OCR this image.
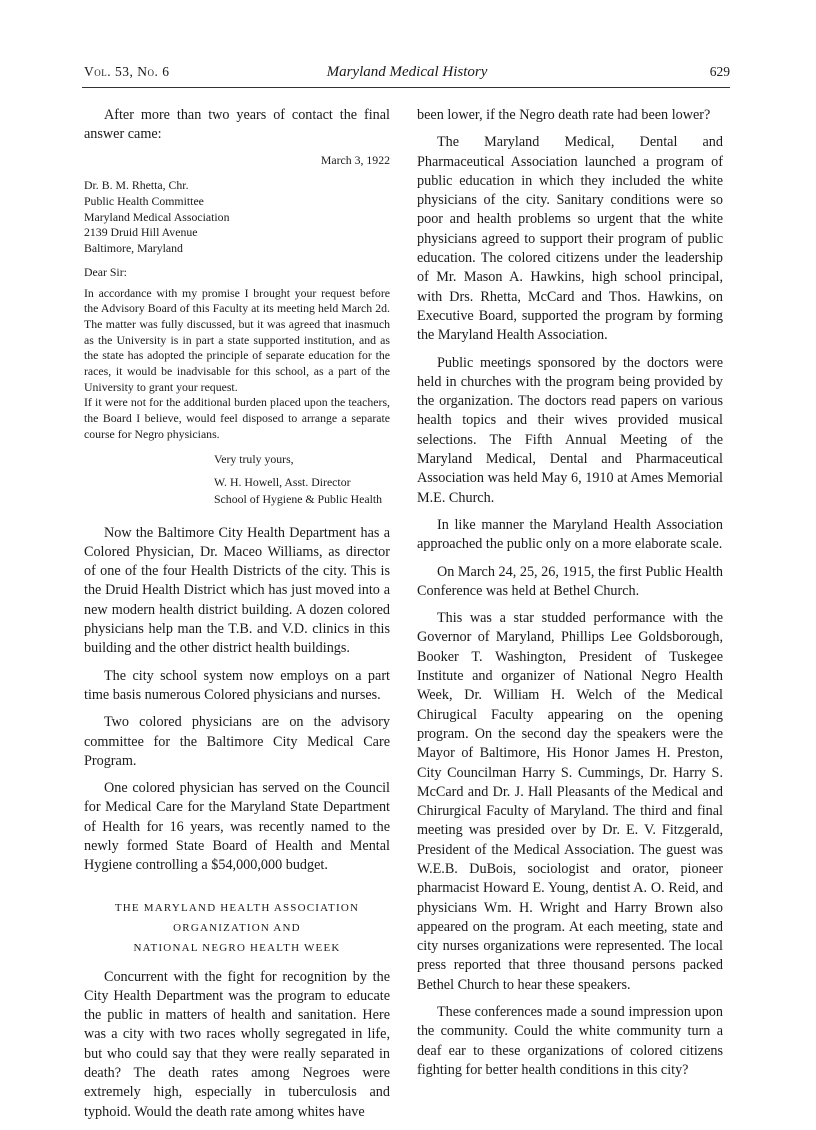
Vol. 53, No. 6	Maryland Medical History	629

After more than two years of contact the final answer came:

March 3, 1922
Dr. B. M. Rhetta, Chr.
Public Health Committee
Maryland Medical Association
2139 Druid Hill Avenue
Baltimore, Maryland
Dear Sir:
In accordance with my promise I brought your request before the Advisory Board of this Faculty at its meeting held March 2d. The matter was fully discussed, but it was agreed that inasmuch as the University is in part a state supported institution, and as the state has adopted the principle of separate education for the races, it would be inadvisable for this school, as a part of the University to grant your request.
If it were not for the additional burden placed upon the teachers, the Board I believe, would feel disposed to arrange a separate course for Negro physicians.
Very truly yours,
W. H. Howell, Asst. Director
School of Hygiene & Public Health

Now the Baltimore City Health Department has a Colored Physician, Dr. Maceo Williams, as director of one of the four Health Districts of the city. This is the Druid Health District which has just moved into a new modern health district building. A dozen colored physicians help man the T.B. and V.D. clinics in this building and the other district health buildings.

The city school system now employs on a part time basis numerous Colored physicians and nurses.

Two colored physicians are on the advisory committee for the Baltimore City Medical Care Program.

One colored physician has served on the Council for Medical Care for the Maryland State Department of Health for 16 years, was recently named to the newly formed State Board of Health and Mental Hygiene controlling a $54,000,000 budget.

THE MARYLAND HEALTH ASSOCIATION
ORGANIZATION AND
NATIONAL NEGRO HEALTH WEEK

Concurrent with the fight for recognition by the City Health Department was the program to educate the public in matters of health and sanitation. Here was a city with two races wholly segregated in life, but who could say that they were really separated in death? The death rates among Negroes were extremely high, especially in tuberculosis and typhoid. Would the death rate among whites have

been lower, if the Negro death rate had been lower?

The Maryland Medical, Dental and Pharmaceutical Association launched a program of public education in which they included the white physicians of the city. Sanitary conditions were so poor and health problems so urgent that the white physicians agreed to support their program of public education. The colored citizens under the leadership of Mr. Mason A. Hawkins, high school principal, with Drs. Rhetta, McCard and Thos. Hawkins, on Executive Board, supported the program by forming the Maryland Health Association.

Public meetings sponsored by the doctors were held in churches with the program being provided by the organization. The doctors read papers on various health topics and their wives provided musical selections. The Fifth Annual Meeting of the Maryland Medical, Dental and Pharmaceutical Association was held May 6, 1910 at Ames Memorial M.E. Church.

In like manner the Maryland Health Association approached the public only on a more elaborate scale.

On March 24, 25, 26, 1915, the first Public Health Conference was held at Bethel Church.

This was a star studded performance with the Governor of Maryland, Phillips Lee Goldsborough, Booker T. Washington, President of Tuskegee Institute and organizer of National Negro Health Week, Dr. William H. Welch of the Medical Chirugical Faculty appearing on the opening program. On the second day the speakers were the Mayor of Baltimore, His Honor James H. Preston, City Councilman Harry S. Cummings, Dr. Harry S. McCard and Dr. J. Hall Pleasants of the Medical and Chirurgical Faculty of Maryland. The third and final meeting was presided over by Dr. E. V. Fitzgerald, President of the Medical Association. The guest was W.E.B. DuBois, sociologist and orator, pioneer pharmacist Howard E. Young, dentist A. O. Reid, and physicians Wm. H. Wright and Harry Brown also appeared on the program. At each meeting, state and city nurses organizations were represented. The local press reported that three thousand persons packed Bethel Church to hear these speakers.

These conferences made a sound impression upon the community. Could the white community turn a deaf ear to these organizations of colored citizens fighting for better health conditions in this city?
